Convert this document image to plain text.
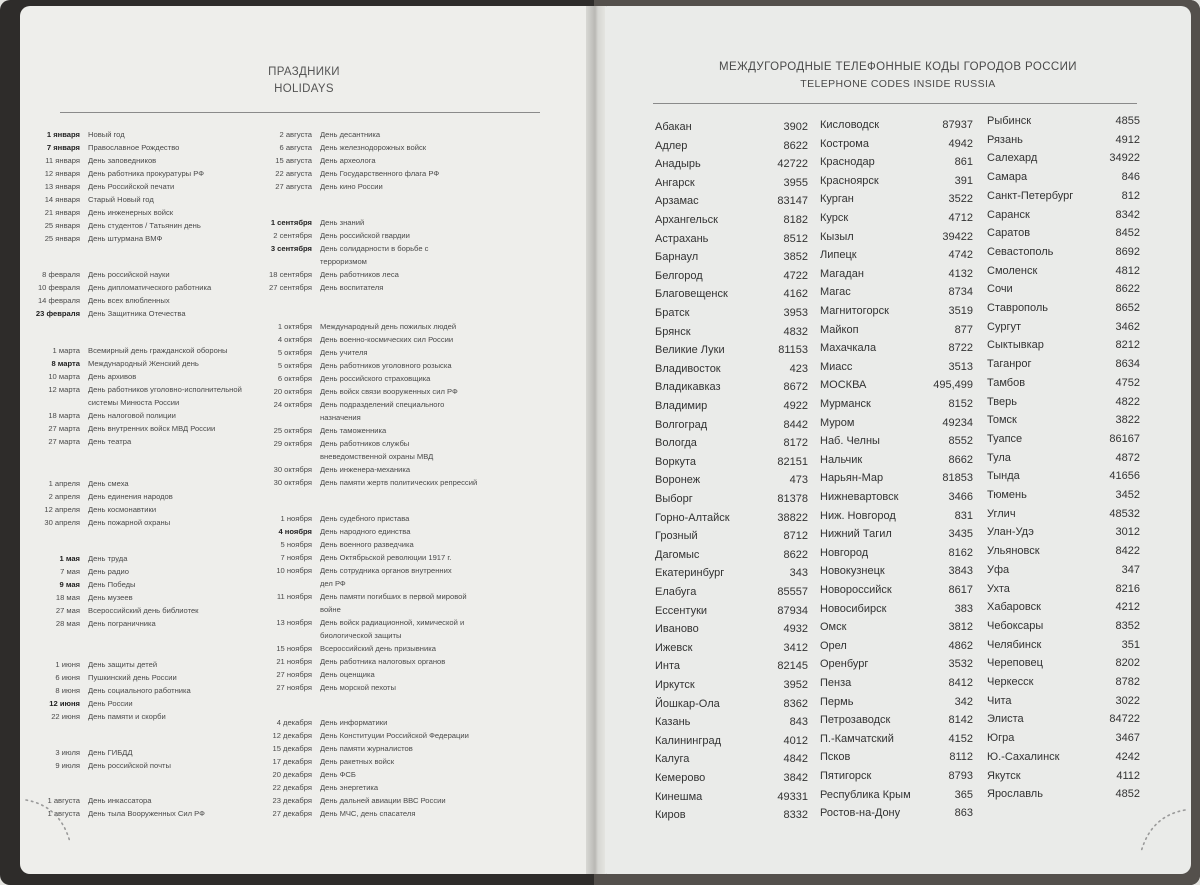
ПРАЗДНИКИ
HOLIDAYS
1 января	Новый год
7 января	Православное Рождество
11 января	День заповедников
12 января	День работника прокуратуры РФ
13 января	День Российской печати
14 января	Старый Новый год
21 января	День инженерных войск
25 января	День студентов / Татьянин день
25 января	День штурмана ВМФ
8 февраля	День российской науки
10 февраля	День дипломатического работника
14 февраля	День всех влюбленных
23 февраля	День Защитника Отечества
1 марта	Всемирный день гражданской обороны
8 марта	Международный Женский день
10 марта	День архивов
12 марта	День работников уголовно-исполнительной
системы Минюста России
18 марта	День налоговой полиции
27 марта	День внутренних войск МВД России
27 марта	День театра
1 апреля	День смеха
2 апреля	День единения народов
12 апреля	День космонавтики
30 апреля	День пожарной охраны
1 мая	День труда
7 мая	День радио
9 мая	День Победы
18 мая	День музеев
27 мая	Всероссийский день библиотек
28 мая	День пограничника
1 июня	День защиты детей
6 июня	Пушкинский день России
8 июня	День социального работника
12 июня	День России
22 июня	День памяти и скорби
3 июля	День ГИБДД
9 июля	День российской почты
1 августа	День инкассатора
1 августа	День тыла Вооруженных Сил РФ
2 августа	День десантника
6 августа	День железнодорожных войск
15 августа	День археолога
22 августа	День Государственного флага РФ
27 августа	День кино России
1 сентября	День знаний
2 сентября	День российской гвардии
3 сентября	День солидарности в борьбе с
терроризмом
18 сентября	День работников леса
27 сентября	День воспитателя
1 октября	Международный день пожилых людей
4 октября	День военно-космических сил России
5 октября	День учителя
5 октября	День работников уголовного розыска
6 октября	День российского страховщика
20 октября	День войск связи вооруженных сил РФ
24 октября	День подразделений специального
назначения
25 октября	День таможенника
29 октября	День работников службы
вневедомственной охраны МВД
30 октября	День инженера-механика
30 октября	День памяти жертв политических репрессий
1 ноября	День судебного пристава
4 ноября	День народного единства
5 ноября	День военного разведчика
7 ноября	День Октябрьской революции 1917 г.
10 ноября	День сотрудника органов внутренних
дел РФ
11 ноября	День памяти погибших в первой мировой
войне
13 ноября	День войск радиационной, химической и
биологической защиты
15 ноября	Всероссийский день призывника
21 ноября	День работника налоговых органов
27 ноября	День оценщика
27 ноября	День морской пехоты
4 декабря	День информатики
12 декабря	День Конституции Российской Федерации
15 декабря	День памяти журналистов
17 декабря	День ракетных войск
20 декабря	День ФСБ
22 декабря	День энергетика
23 декабря	День дальней авиации ВВС России
27 декабря	День МЧС, день спасателя
МЕЖДУГОРОДНЫЕ ТЕЛЕФОННЫЕ КОДЫ ГОРОДОВ РОССИИ
TELEPHONE CODES INSIDE RUSSIA
Абакан	3902
Адлер	8622
Анадырь	42722
Ангарск	3955
Арзамас	83147
Архангельск	8182
Астрахань	8512
Барнаул	3852
Белгород	4722
Благовещенск	4162
Братск	3953
Брянск	4832
Великие Луки	81153
Владивосток	423
Владикавказ	8672
Владимир	4922
Волгоград	8442
Вологда	8172
Воркута	82151
Воронеж	473
Выборг	81378
Горно-Алтайск	38822
Грозный	8712
Дагомыс	8622
Екатеринбург	343
Елабуга	85557
Ессентуки	87934
Иваново	4932
Ижевск	3412
Инта	82145
Иркутск	3952
Йошкар-Ола	8362
Казань	843
Калининград	4012
Калуга	4842
Кемерово	3842
Кинешма	49331
Киров	8332
Кисловодск	87937
Кострома	4942
Краснодар	861
Красноярск	391
Курган	3522
Курск	4712
Кызыл	39422
Липецк	4742
Магадан	4132
Магас	8734
Магнитогорск	3519
Майкоп	877
Махачкала	8722
Миасс	3513
МОСКВА	495,499
Мурманск	8152
Муром	49234
Наб. Челны	8552
Нальчик	8662
Нарьян-Мар	81853
Нижневартовск	3466
Ниж. Новгород	831
Нижний Тагил	3435
Новгород	8162
Новокузнецк	3843
Новороссийск	8617
Новосибирск	383
Омск	3812
Орел	4862
Оренбург	3532
Пенза	8412
Пермь	342
Петрозаводск	8142
П.-Камчатский	4152
Псков	8112
Пятигорск	8793
Республика Крым	365
Ростов-на-Дону	863
Рыбинск	4855
Рязань	4912
Салехард	34922
Самара	846
Санкт-Петербург	812
Саранск	8342
Саратов	8452
Севастополь	8692
Смоленск	4812
Сочи	8622
Ставрополь	8652
Сургут	3462
Сыктывкар	8212
Таганрог	8634
Тамбов	4752
Тверь	4822
Томск	3822
Туапсе	86167
Тула	4872
Тында	41656
Тюмень	3452
Углич	48532
Улан-Удэ	3012
Ульяновск	8422
Уфа	347
Ухта	8216
Хабаровск	4212
Чебоксары	8352
Челябинск	351
Череповец	8202
Черкесск	8782
Чита	3022
Элиста	84722
Югра	3467
Ю.-Сахалинск	4242
Якутск	4112
Ярославль	4852
